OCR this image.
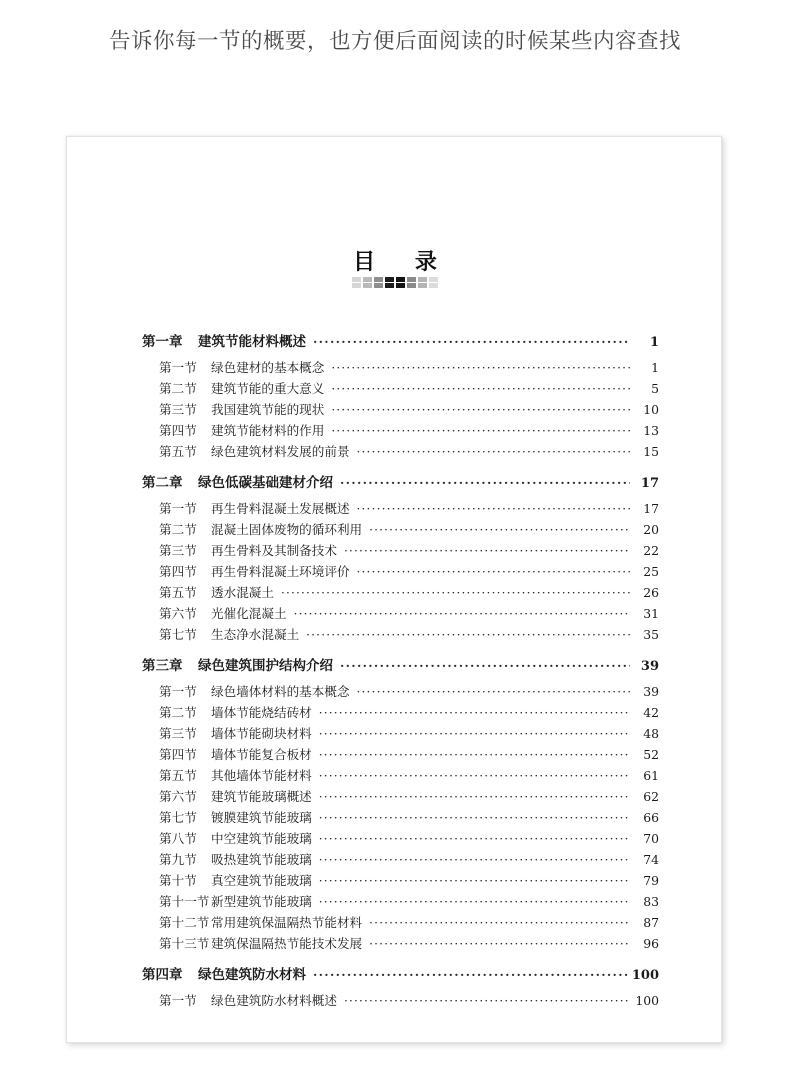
告诉你每一节的概要，也方便后面阅读的时候某些内容查找
目 录
第一章	建筑节能材料概述 ·····	1
第一节	绿色建材的基本概念 ·····	1
第二节	建筑节能的重大意义 ·····	5
第三节	我国建筑节能的现状 ·····	10
第四节	建筑节能材料的作用 ·····	13
第五节	绿色建筑材料发展的前景 ·····	15
第二章	绿色低碳基础建材介绍 ·····	17
第一节	再生骨料混凝土发展概述 ·····	17
第二节	混凝土固体废物的循环利用 ·····	20
第三节	再生骨料及其制备技术 ·····	22
第四节	再生骨料混凝土环境评价 ·····	25
第五节	透水混凝土 ·····	26
第六节	光催化混凝土 ·····	31
第七节	生态净水混凝土 ·····	35
第三章	绿色建筑围护结构介绍 ·····	39
第一节	绿色墙体材料的基本概念 ·····	39
第二节	墙体节能烧结砖材 ·····	42
第三节	墙体节能砌块材料 ·····	48
第四节	墙体节能复合板材 ·····	52
第五节	其他墙体节能材料 ·····	61
第六节	建筑节能玻璃概述 ·····	62
第七节	镀膜建筑节能玻璃 ·····	66
第八节	中空建筑节能玻璃 ·····	70
第九节	吸热建筑节能玻璃 ·····	74
第十节	真空建筑节能玻璃 ·····	79
第十一节 新型建筑节能玻璃 ·····	83
第十二节 常用建筑保温隔热节能材料 ·····	87
第十三节 建筑保温隔热节能技术发展 ·····	96
第四章	绿色建筑防水材料 ·····	100
第一节	绿色建筑防水材料概述 ·····	100
